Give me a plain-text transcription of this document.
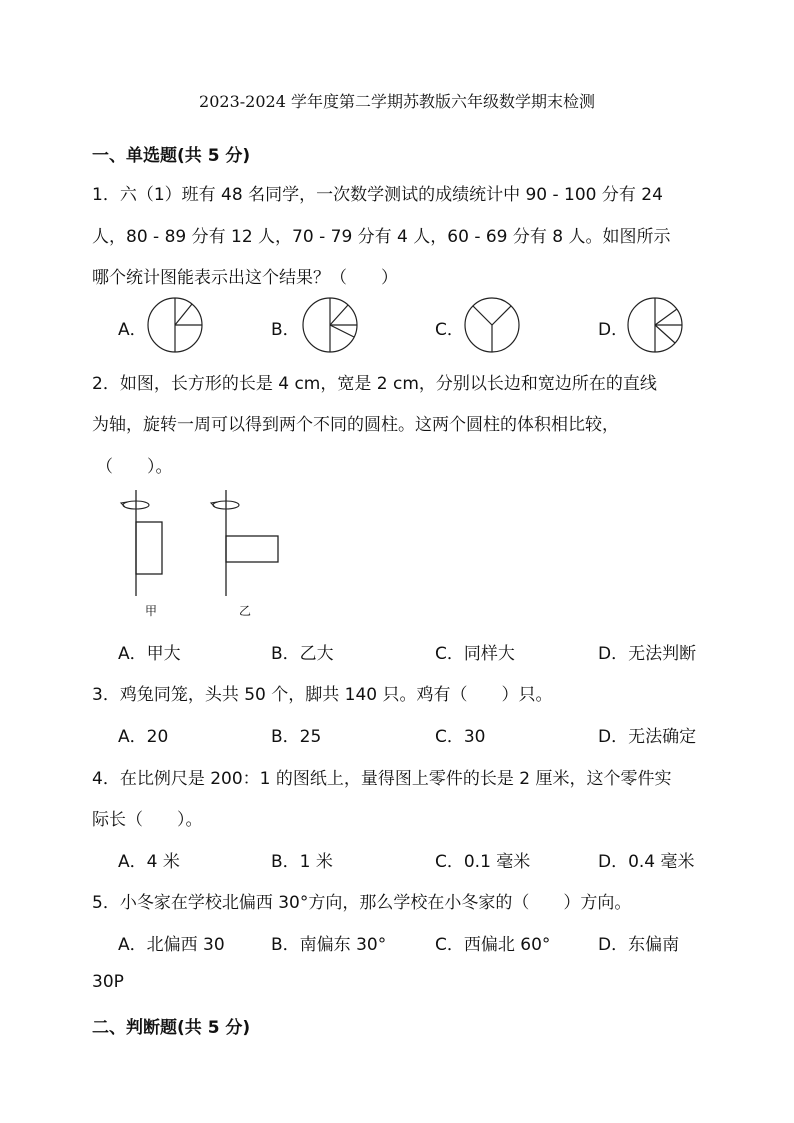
2023-2024 学年度第二学期苏教版六年级数学期末检测
一、单选题(共 5 分)
1．六（1）班有 48 名同学，一次数学测试的成绩统计中 90 - 100 分有 24
人，80 - 89 分有 12 人，70 - 79 分有 4 人，60 - 69 分有 8 人。如图所示
哪个统计图能表示出这个结果？（　　）
A．	B．	C．	D．
2．如图，长方形的长是 4 cm，宽是 2 cm，分别以长边和宽边所在的直线
为轴，旋转一周可以得到两个不同的圆柱。这两个圆柱的体积相比较，
（　　）。
甲	乙
A．甲大	B．乙大	C．同样大	D．无法判断
3．鸡兔同笼，头共 50 个，脚共 140 只。鸡有（　　）只。
A．20	B．25	C．30	D．无法确定
4．在比例尺是 200：1 的图纸上，量得图上零件的长是 2 厘米，这个零件实
际长（　　）。
A．4 米	B．1 米	C．0.1 毫米	D．0.4 毫米
5．小冬家在学校北偏西 30°方向，那么学校在小冬家的（　　）方向。
A．北偏西 30	B．南偏东 30°	C．西偏北 60°	D．东偏南
30P
二、判断题(共 5 分)
